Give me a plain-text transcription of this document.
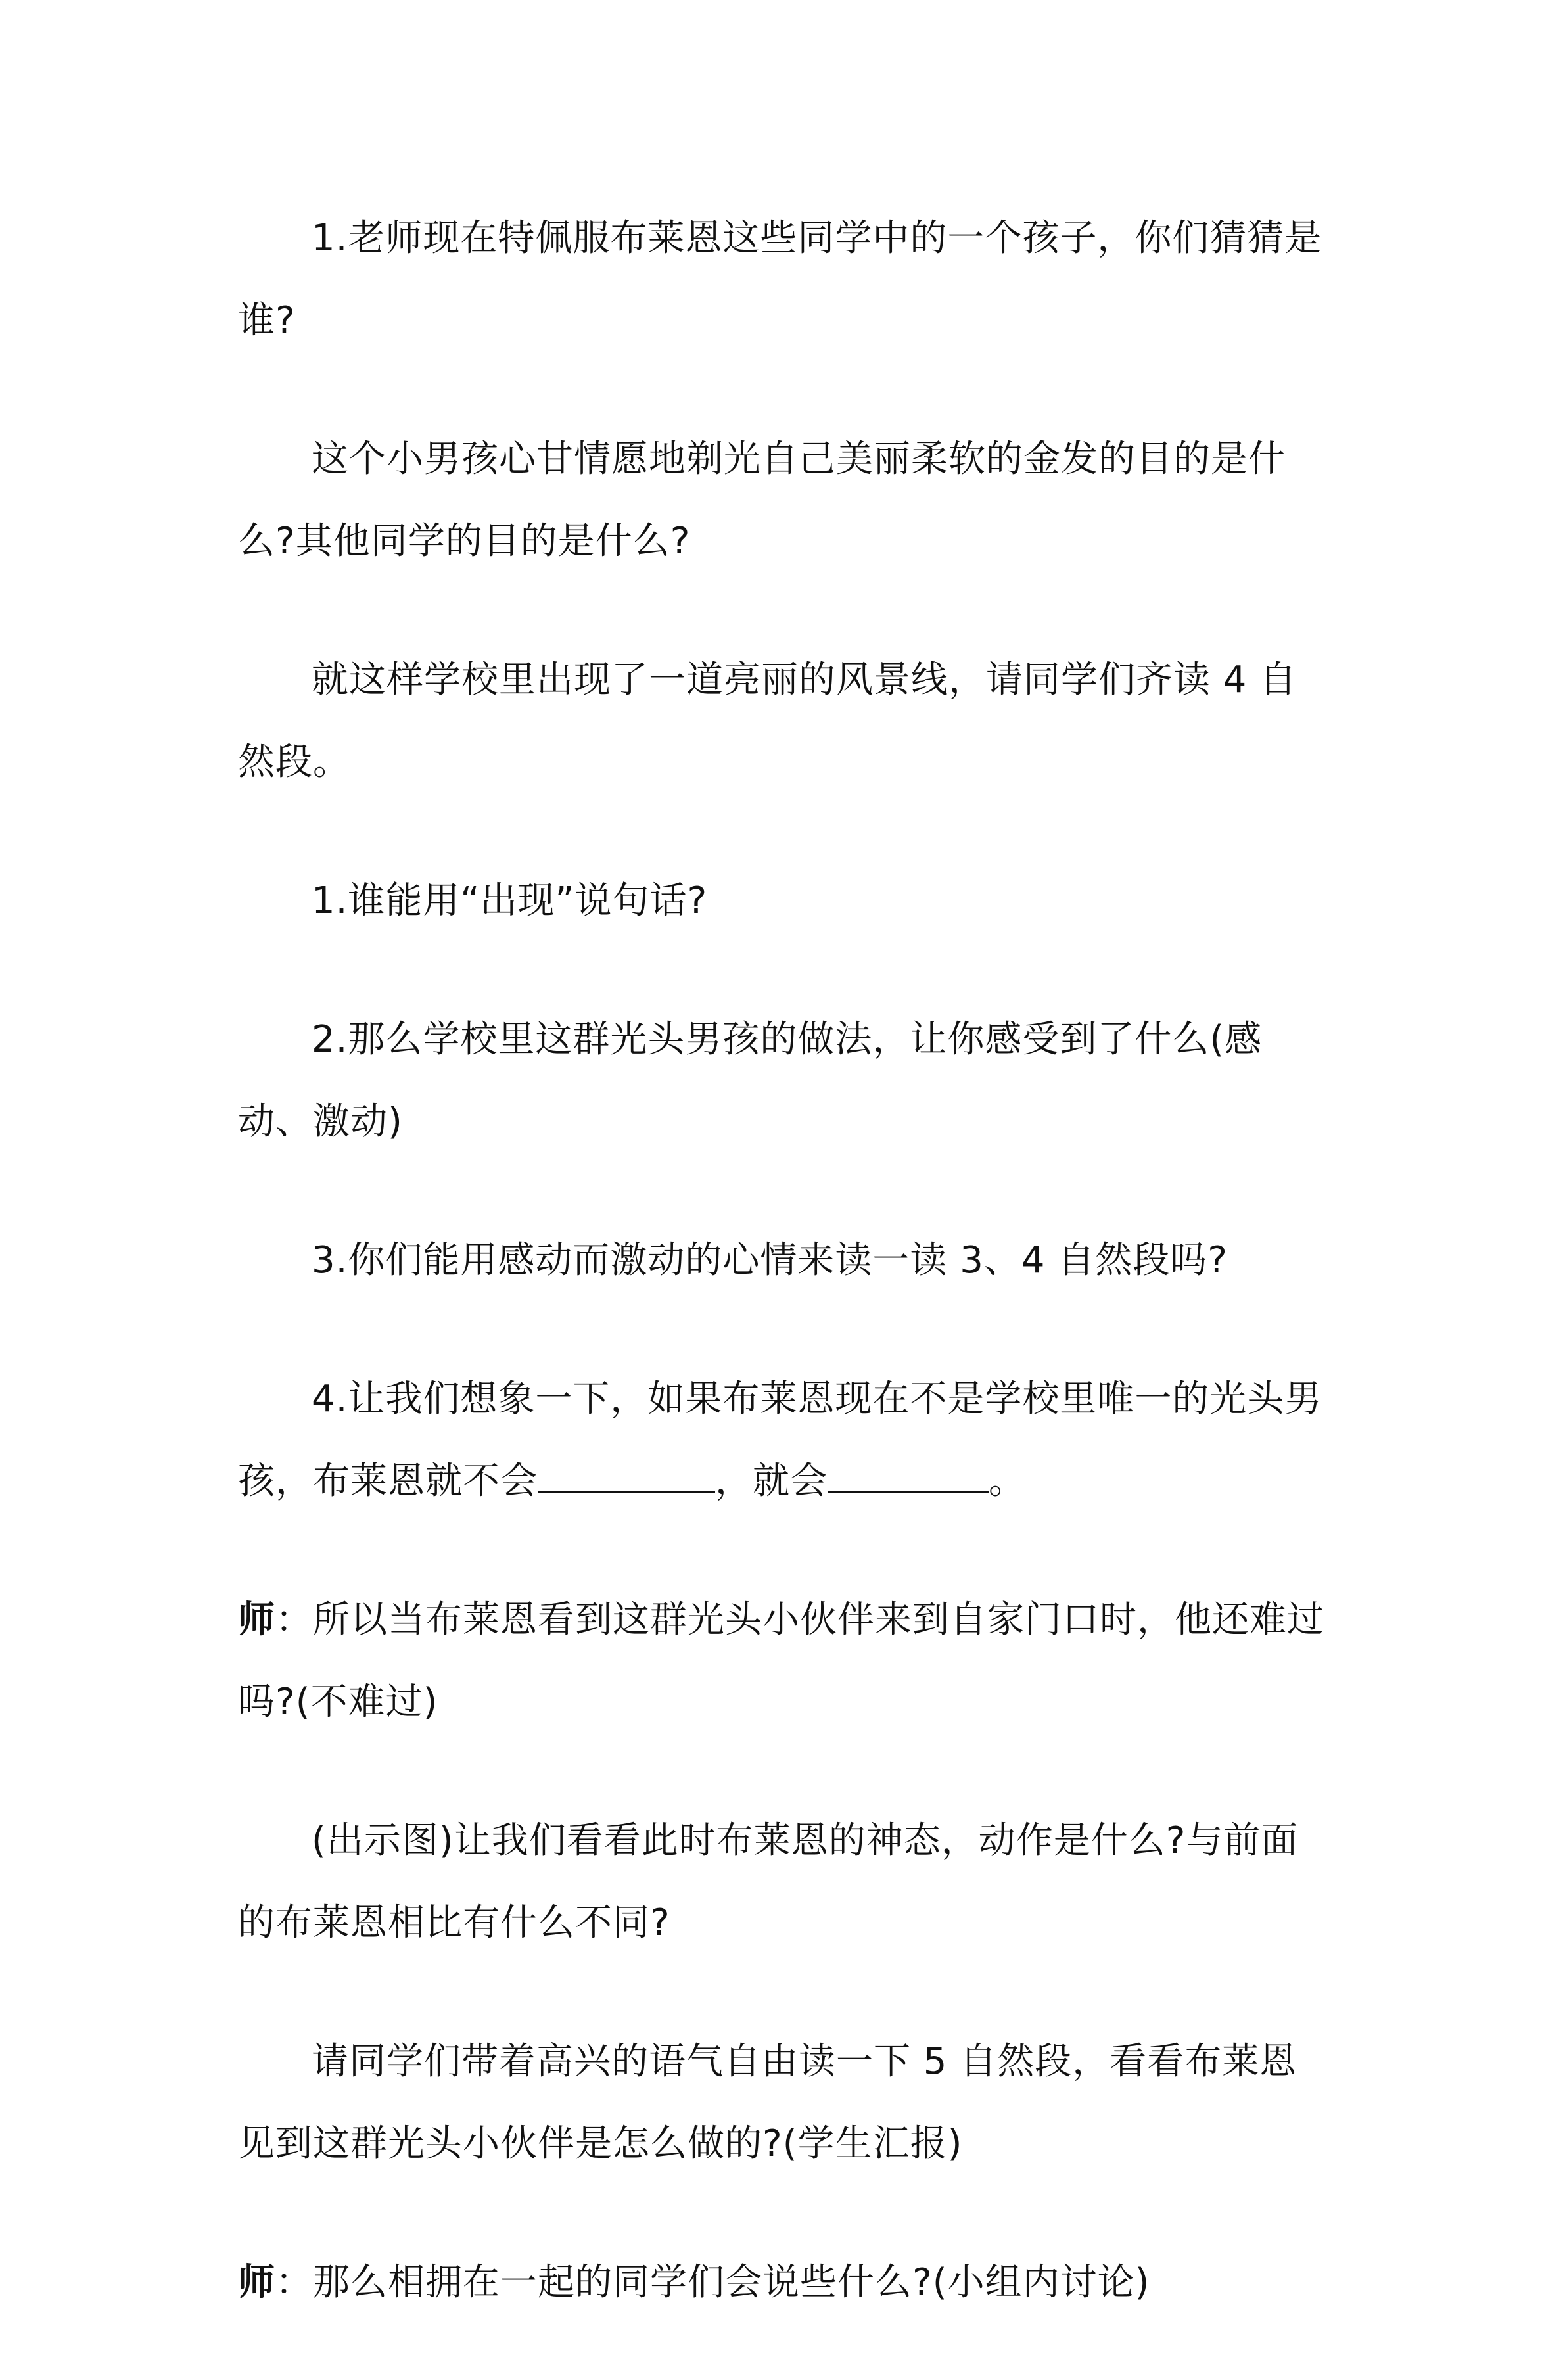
1.老师现在特佩服布莱恩这些同学中的一个孩子，你们猜猜是谁?

这个小男孩心甘情愿地剃光自己美丽柔软的金发的目的是什么?其他同学的目的是什么?

就这样学校里出现了一道亮丽的风景线，请同学们齐读 4 自然段。

1.谁能用“出现”说句话?

2.那么学校里这群光头男孩的做法，让你感受到了什么(感动、激动)

3.你们能用感动而激动的心情来读一读 3、4 自然段吗?

4.让我们想象一下，如果布莱恩现在不是学校里唯一的光头男孩，布莱恩就不会	，就会	。

师：所以当布莱恩看到这群光头小伙伴来到自家门口时，他还难过吗?(不难过)

(出示图)让我们看看此时布莱恩的神态，动作是什么?与前面的布莱恩相比有什么不同?

请同学们带着高兴的语气自由读一下 5 自然段，看看布莱恩见到这群光头小伙伴是怎么做的?(学生汇报)

师：那么相拥在一起的同学们会说些什么?(小组内讨论)
